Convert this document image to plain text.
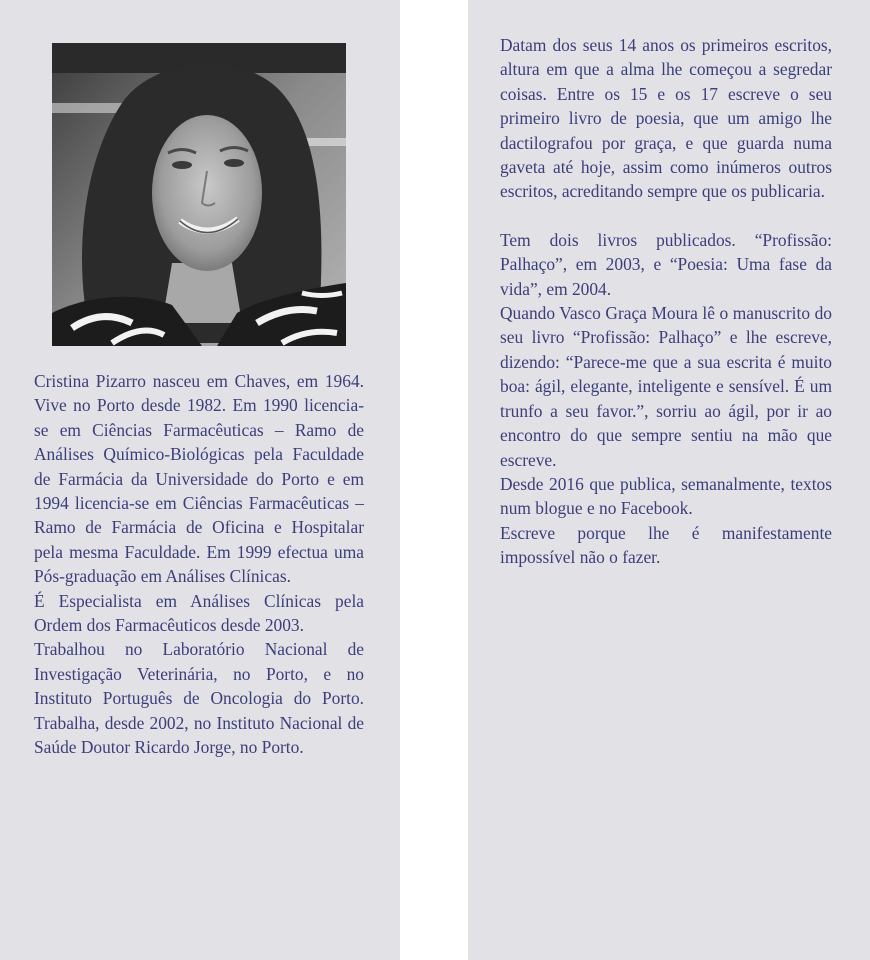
Cristina Pizarro nasceu em Chaves, em 1964. Vive no Porto desde 1982. Em 1990 licencia-se em Ciências Farmacêuticas – Ramo de Análises Químico-Biológicas pela Faculdade de Farmácia da Universidade do Porto e em 1994 licencia-se em Ciências Farmacêuticas – Ramo de Farmácia de Oficina e Hospitalar pela mesma Faculdade. Em 1999 efectua uma Pós-graduação em Análises Clínicas.

É Especialista em Análises Clínicas pela Ordem dos Farmacêuticos desde 2003.

Trabalhou no Laboratório Nacional de Investigação Veterinária, no Porto, e no Instituto Português de Oncologia do Porto. Trabalha, desde 2002, no Instituto Nacional de Saúde Doutor Ricardo Jorge, no Porto.

Datam dos seus 14 anos os primeiros escritos, altura em que a alma lhe começou a segredar coisas. Entre os 15 e os 17 escreve o seu primeiro livro de poesia, que um amigo lhe dactilografou por graça, e que guarda numa gaveta até hoje, assim como inúmeros outros escritos, acreditando sempre que os publicaria.

Tem dois livros publicados. “Profissão: Palhaço”, em 2003, e “Poesia: Uma fase da vida”, em 2004.

Quando Vasco Graça Moura lê o manuscrito do seu livro “Profissão: Palhaço” e lhe escreve, dizendo: “Parece-me que a sua escrita é muito boa: ágil, elegante, inteligente e sensível. É um trunfo a seu favor.”, sorriu ao ágil, por ir ao encontro do que sempre sentiu na mão que escreve.

Desde 2016 que publica, semanalmente, textos num blogue e no Facebook.

Escreve porque lhe é manifestamente impossível não o fazer.
